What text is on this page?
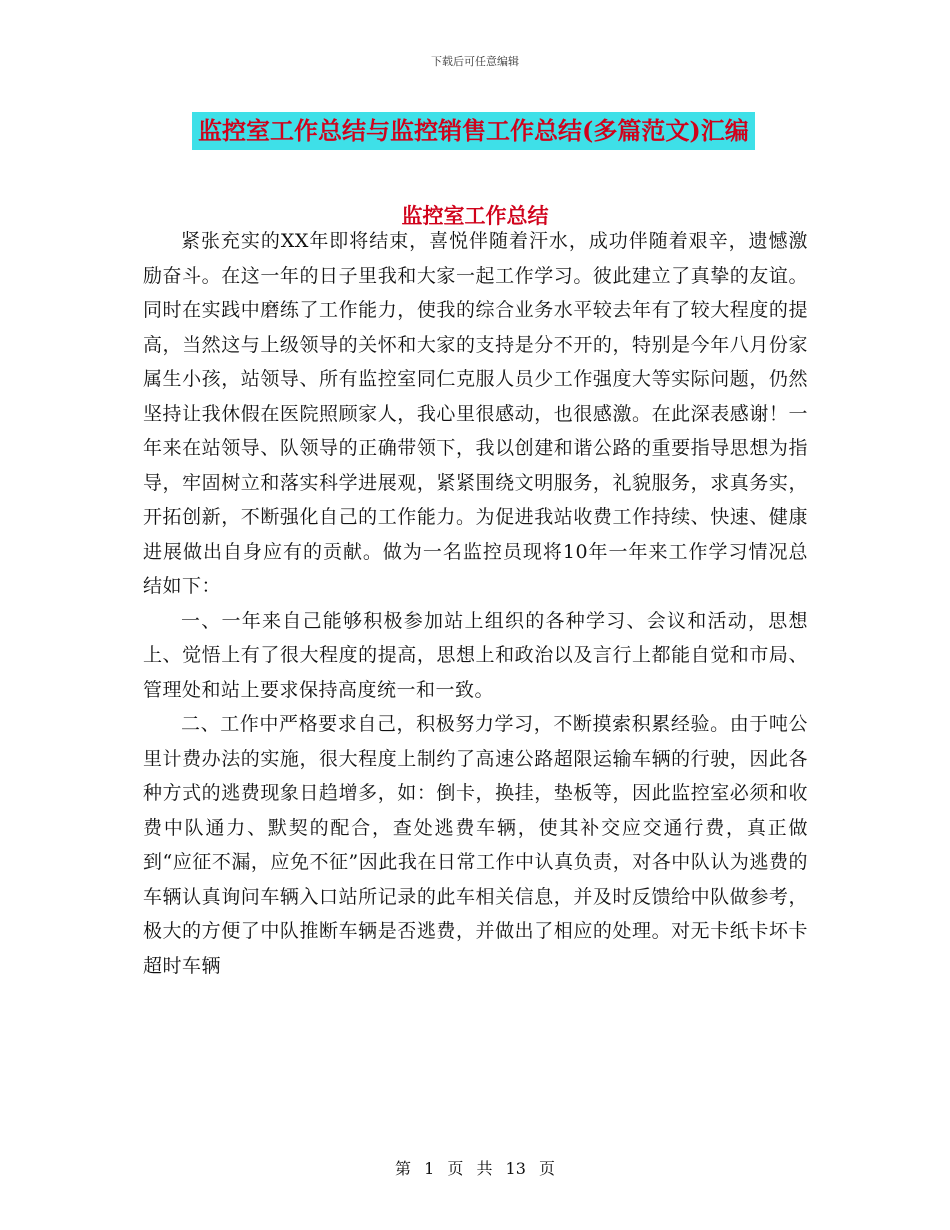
下载后可任意编辑
监控室工作总结与监控销售工作总结(多篇范文)汇编
监控室工作总结

紧张充实的XX年即将结束，喜悦伴随着汗水，成功伴随着艰辛，遗憾激励奋斗。在这一年的日子里我和大家一起工作学习。彼此建立了真挚的友谊。同时在实践中磨练了工作能力，使我的综合业务水平较去年有了较大程度的提高，当然这与上级领导的关怀和大家的支持是分不开的，特别是今年八月份家属生小孩，站领导、所有监控室同仁克服人员少工作强度大等实际问题，仍然坚持让我休假在医院照顾家人，我心里很感动，也很感激。在此深表感谢！一年来在站领导、队领导的正确带领下，我以创建和谐公路的重要指导思想为指导，牢固树立和落实科学进展观，紧紧围绕文明服务，礼貌服务，求真务实，开拓创新，不断强化自己的工作能力。为促进我站收费工作持续、快速、健康进展做出自身应有的贡献。做为一名监控员现将10年一年来工作学习情况总结如下：

一、一年来自己能够积极参加站上组织的各种学习、会议和活动，思想上、觉悟上有了很大程度的提高，思想上和政治以及言行上都能自觉和市局、管理处和站上要求保持高度统一和一致。

二、工作中严格要求自己，积极努力学习，不断摸索积累经验。由于吨公里计费办法的实施，很大程度上制约了高速公路超限运输车辆的行驶，因此各种方式的逃费现象日趋增多，如：倒卡，换挂，垫板等，因此监控室必须和收费中队通力、默契的配合，查处逃费车辆，使其补交应交通行费，真正做到“应征不漏，应免不征”因此我在日常工作中认真负责，对各中队认为逃费的车辆认真询问车辆入口站所记录的此车相关信息，并及时反馈给中队做参考，极大的方便了中队推断车辆是否逃费，并做出了相应的处理。对无卡纸卡坏卡超时车辆

第 1 页 共 13 页
